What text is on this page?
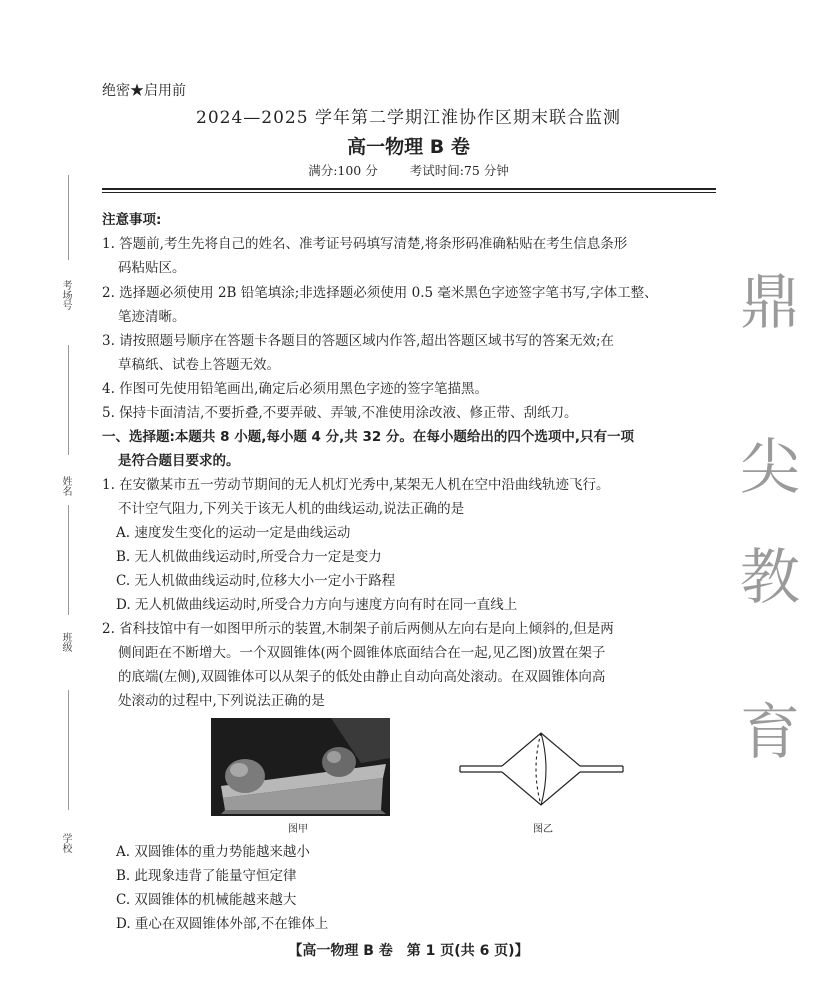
考场号
姓名
班级
学校
鼎
尖
教
育
绝密★启用前
2024—2025 学年第二学期江淮协作区期末联合监测
高一物理 B 卷
满分:100 分	考试时间:75 分钟
注意事项:
1. 答题前,考生先将自己的姓名、准考证号码填写清楚,将条形码准确粘贴在考生信息条形
码粘贴区。
2. 选择题必须使用 2B 铅笔填涂;非选择题必须使用 0.5 毫米黑色字迹签字笔书写,字体工整、
笔迹清晰。
3. 请按照题号顺序在答题卡各题目的答题区域内作答,超出答题区域书写的答案无效;在
草稿纸、试卷上答题无效。
4. 作图可先使用铅笔画出,确定后必须用黑色字迹的签字笔描黑。
5. 保持卡面清洁,不要折叠,不要弄破、弄皱,不准使用涂改液、修正带、刮纸刀。
一、选择题:本题共 8 小题,每小题 4 分,共 32 分。在每小题给出的四个选项中,只有一项
是符合题目要求的。
1. 在安徽某市五一劳动节期间的无人机灯光秀中,某架无人机在空中沿曲线轨迹飞行。
不计空气阻力,下列关于该无人机的曲线运动,说法正确的是
A. 速度发生变化的运动一定是曲线运动
B. 无人机做曲线运动时,所受合力一定是变力
C. 无人机做曲线运动时,位移大小一定小于路程
D. 无人机做曲线运动时,所受合力方向与速度方向有时在同一直线上
2. 省科技馆中有一如图甲所示的装置,木制架子前后两侧从左向右是向上倾斜的,但是两
侧间距在不断增大。一个双圆锥体(两个圆锥体底面结合在一起,见乙图)放置在架子
的底端(左侧),双圆锥体可以从架子的低处由静止自动向高处滚动。在双圆锥体向高
处滚动的过程中,下列说法正确的是
图甲	图乙
A. 双圆锥体的重力势能越来越小
B. 此现象违背了能量守恒定律
C. 双圆锥体的机械能越来越大
D. 重心在双圆锥体外部,不在锥体上
【高一物理 B 卷　第 1 页(共 6 页)】
